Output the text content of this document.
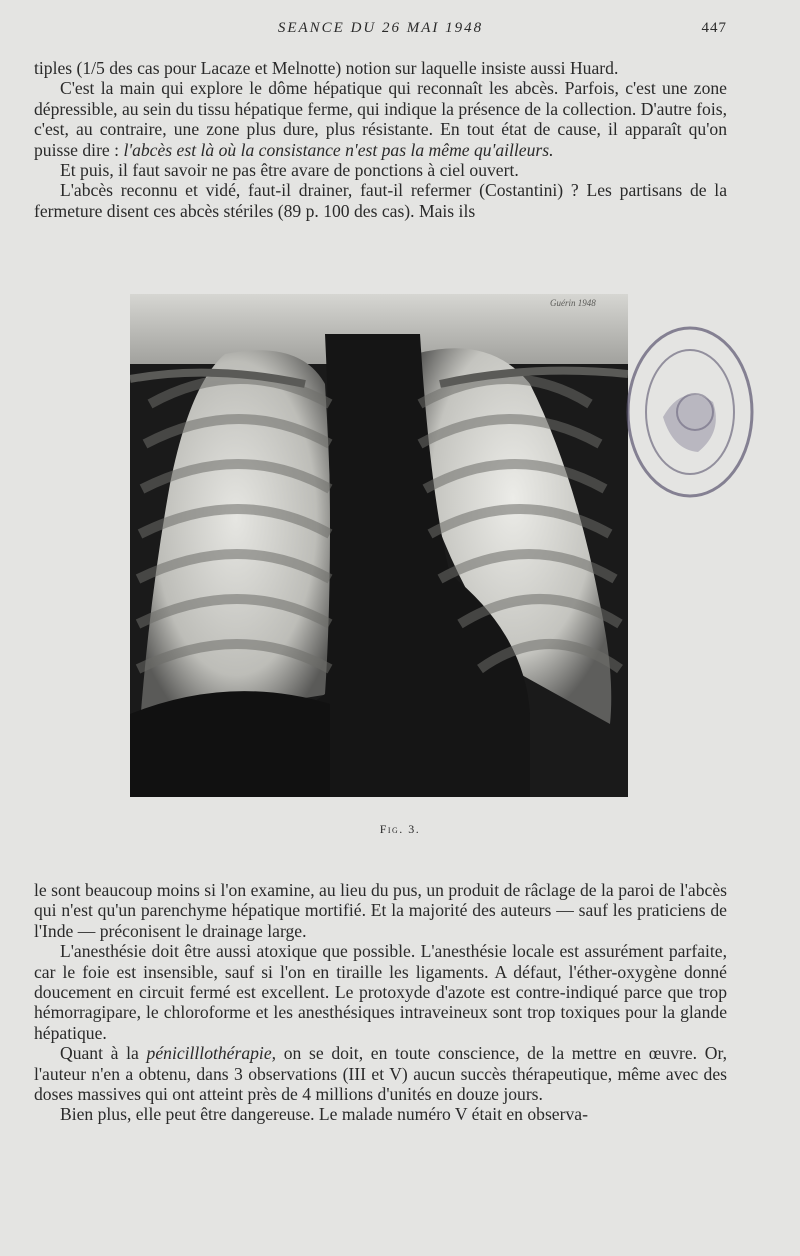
SEANCE DU 26 MAI 1948	447

tiples (1/5 des cas pour Lacaze et Melnotte) notion sur laquelle insiste aussi Huard.

C'est la main qui explore le dôme hépatique qui reconnaît les abcès. Parfois, c'est une zone dépressible, au sein du tissu hépatique ferme, qui indique la présence de la collection. D'autre fois, c'est, au contraire, une zone plus dure, plus résistante. En tout état de cause, il apparaît qu'on puisse dire : l'abcès est là où la consistance n'est pas la même qu'ailleurs.

Et puis, il faut savoir ne pas être avare de ponctions à ciel ouvert.

L'abcès reconnu et vidé, faut-il drainer, faut-il refermer (Costantini) ? Les partisans de la fermeture disent ces abcès stériles (89 p. 100 des cas). Mais ils

Guérin 1948
Fig. 3.

le sont beaucoup moins si l'on examine, au lieu du pus, un produit de râclage de la paroi de l'abcès qui n'est qu'un parenchyme hépatique mortifié. Et la majorité des auteurs — sauf les praticiens de l'Inde — préconisent le drainage large.

L'anesthésie doit être aussi atoxique que possible. L'anesthésie locale est assurément parfaite, car le foie est insensible, sauf si l'on en tiraille les ligaments. A défaut, l'éther-oxygène donné doucement en circuit fermé est excellent. Le protoxyde d'azote est contre-indiqué parce que trop hémorragipare, le chloroforme et les anesthésiques intraveineux sont trop toxiques pour la glande hépatique.

Quant à la pénicilllothérapie, on se doit, en toute conscience, de la mettre en œuvre. Or, l'auteur n'en a obtenu, dans 3 observations (III et V) aucun succès thérapeutique, même avec des doses massives qui ont atteint près de 4 millions d'unités en douze jours.

Bien plus, elle peut être dangereuse. Le malade numéro V était en observa-
